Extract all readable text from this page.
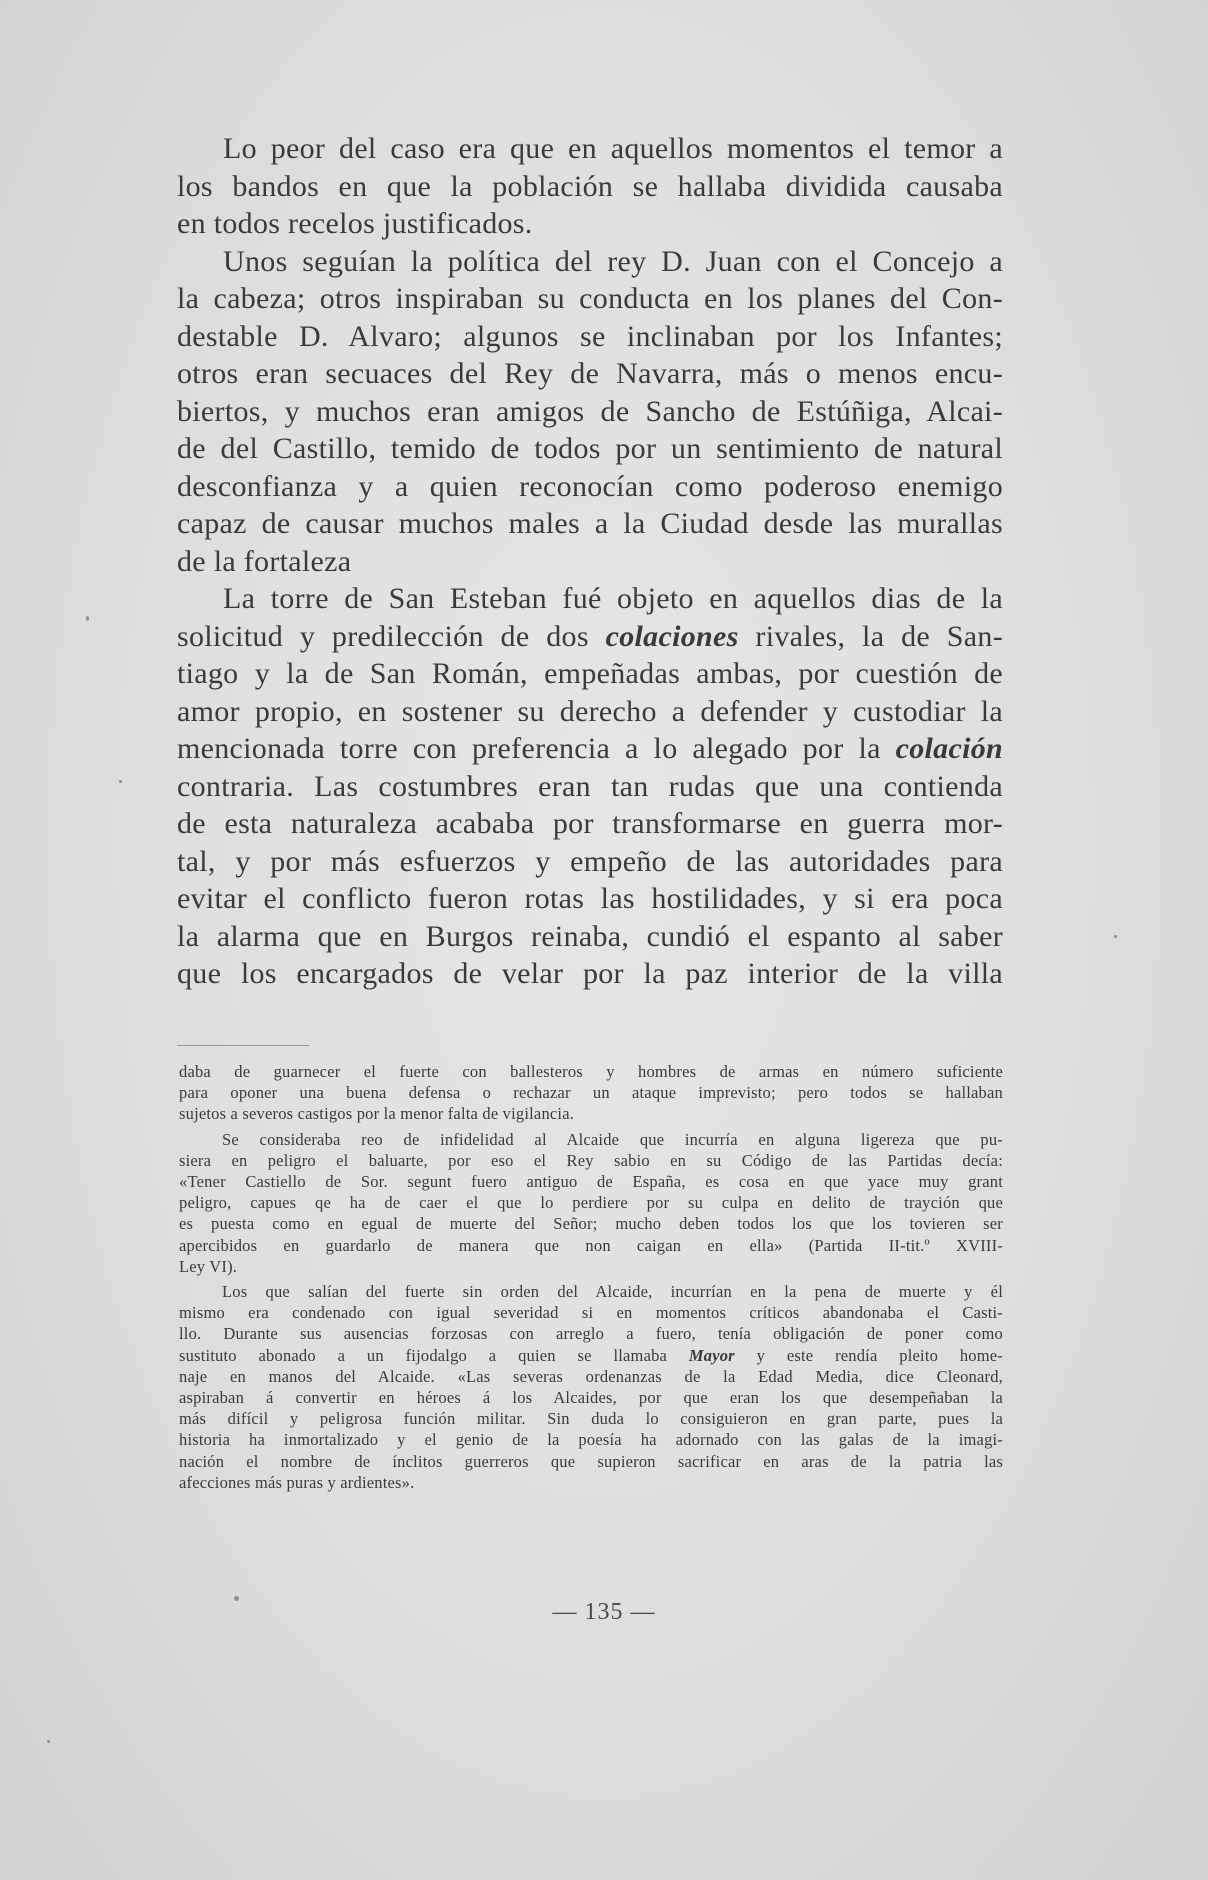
Lo peor del caso era que en aquellos momentos el temor a

los bandos en que la población se hallaba dividida causaba

en todos recelos justificados.

Unos seguían la política del rey D. Juan con el Concejo a

la cabeza; otros inspiraban su conducta en los planes del Con-

destable D. Alvaro; algunos se inclinaban por los Infantes;

otros eran secuaces del Rey de Navarra, más o menos encu-

biertos, y muchos eran amigos de Sancho de Estúñiga, Alcai-

de del Castillo, temido de todos por un sentimiento de natural

desconfianza y a quien reconocían como poderoso enemigo

capaz de causar muchos males a la Ciudad desde las murallas

de la fortaleza

La torre de San Esteban fué objeto en aquellos dias de la

solicitud y predilección de dos colaciones rivales, la de San-

tiago y la de San Román, empeñadas ambas, por cuestión de

amor propio, en sostener su derecho a defender y custodiar la

mencionada torre con preferencia a lo alegado por la colación

contraria. Las costumbres eran tan rudas que una contienda

de esta naturaleza acababa por transformarse en guerra mor-

tal, y por más esfuerzos y empeño de las autoridades para

evitar el conflicto fueron rotas las hostilidades, y si era poca

la alarma que en Burgos reinaba, cundió el espanto al saber

que los encargados de velar por la paz interior de la villa

daba de guarnecer el fuerte con ballesteros y hombres de armas en número suficiente

para oponer una buena defensa o rechazar un ataque imprevisto; pero todos se hallaban

sujetos a severos castigos por la menor falta de vigilancia.

Se consideraba reo de infidelidad al Alcaide que incurría en alguna ligereza que pu-

siera en peligro el baluarte, por eso el Rey sabio en su Código de las Partidas decía:

«Tener Castiello de Sor. segunt fuero antiguo de España, es cosa en que yace muy grant

peligro, capues qe ha de caer el que lo perdiere por su culpa en delito de trayción que

es puesta como en egual de muerte del Señor; mucho deben todos los que los tovieren ser

apercibidos en guardarlo de manera que non caigan en ella» (Partida II-tit.º XVIII-

Ley VI).

Los que salían del fuerte sin orden del Alcaide, incurrían en la pena de muerte y él

mismo era condenado con igual severidad si en momentos críticos abandonaba el Casti-

llo. Durante sus ausencias forzosas con arreglo a fuero, tenía obligación de poner como

sustituto abonado a un fijodalgo a quien se llamaba Mayor y este rendía pleito home-

naje en manos del Alcaide. «Las severas ordenanzas de la Edad Media, dice Cleonard,

aspiraban á convertir en héroes á los Alcaides, por que eran los que desempeñaban la

más difícil y peligrosa función militar. Sin duda lo consiguieron en gran parte, pues la

historia ha inmortalizado y el genio de la poesía ha adornado con las galas de la imagi-

nación el nombre de ínclitos guerreros que supieron sacrificar en aras de la patria las

afecciones más puras y ardientes».

— 135 —
